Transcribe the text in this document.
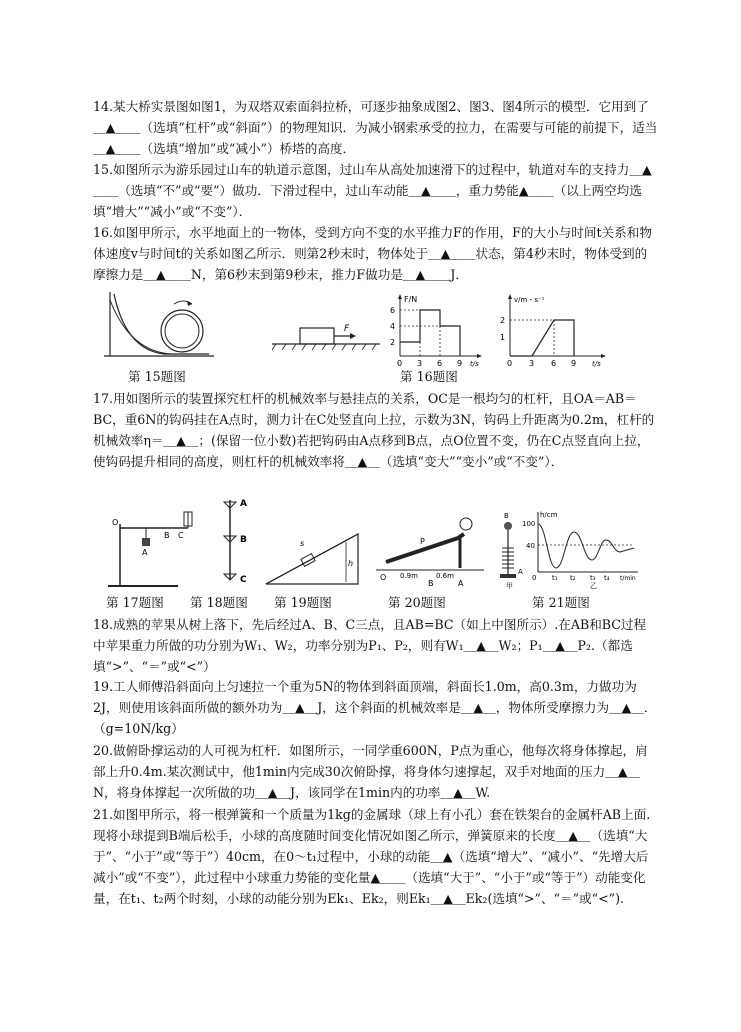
14.某大桥实景图如图1，为双塔双索面斜拉桥，可逐步抽象成图2、图3、图4所示的模型．它用到了＿▲＿＿（选填“杠杆”或“斜面”）的物理知识．为减小钢索承受的拉力，在需要与可能的前提下，适当＿▲＿＿（选填“增加”或“减小”）桥塔的高度．
15.如图所示为游乐园过山车的轨道示意图，过山车从高处加速滑下的过程中，轨道对车的支持力＿▲＿＿（选填“不”或“要”）做功．下滑过程中，过山车动能＿▲＿＿，重力势能▲＿＿（以上两空均选填“增大”“减小”或“不变”）．
16.如图甲所示，水平地面上的一物体，受到方向不变的水平推力F的作用，F的大小与时间t关系和物体速度v与时间t的关系如图乙所示．则第2秒末时，物体处于＿▲＿＿状态，第4秒末时，物体受到的摩擦力是＿▲＿＿N，第6秒末到第9秒末，推力F做功是＿▲＿＿J．
第 15题图
F
F/N
6
4
2
0 3 6 9 t/s
v/m・s⁻¹
2
1
0 3 6 9 t/s
第 16题图
17.用如图所示的装置探究杠杆的机械效率与悬挂点的关系，OC是一根均匀的杠杆，且OA＝AB＝BC，重6N的钩码挂在A点时，测力计在C处竖直向上拉，示数为3N，钩码上升距离为0.2m，杠杆的机械效率η＝＿▲＿；(保留一位小数)若把钩码由A点移到B点，点O位置不变，仍在C点竖直向上拉，使钩码提升相同的高度，则杠杆的机械效率将＿▲＿（选填“变大”“变小”或“不变”）．
O
A
B C
A
B
C
s
h
P
O 0.9m	0.6m
B	A
B
A
甲
h/cm
100
40
0 t₁ t₂ t₃ t₄ t/min
乙
第 17题图 第 18题图 第 19题图	第 20题图	第 21题图
18.成熟的苹果从树上落下，先后经过A、B、C三点，且AB=BC（如上中图所示）.在AB和BC过程中苹果重力所做的功分别为W₁、W₂，功率分别为P₁、P₂，则有W₁＿▲＿W₂；P₁＿▲＿P₂.（都选填“>”、“＝”或“<”）
19.工人师傅沿斜面向上匀速拉一个重为5N的物体到斜面顶端，斜面长1.0m，高0.3m，力做功为2J，则使用该斜面所做的额外功为＿▲＿J，这个斜面的机械效率是＿▲＿，物体所受摩擦力为＿▲＿．（g=10N/kg）
20.做俯卧撑运动的人可视为杠杆．如图所示，一同学重600N，P点为重心，他每次将身体撑起，肩部上升0.4m.某次测试中，他1min内完成30次俯卧撑，将身体匀速撑起，双手对地面的压力＿▲＿N，将身体撑起一次所做的功＿▲＿J，该同学在1min内的功率＿▲＿W.
21.如图甲所示，将一根弹簧和一个质量为1kg的金属球（球上有小孔）套在铁架台的金属杆AB上面.现将小球提到B端后松手，小球的高度随时间变化情况如图乙所示，弹簧原来的长度＿▲＿（选填“大于”、“小于”或“等于”）40cm，在0～t₁过程中，小球的动能＿▲（选填“增大”、“减小”、“先增大后减小”或“不变”），此过程中小球重力势能的变化量▲＿＿（选填“大于”、“小于”或“等于”）动能变化量，在t₁、t₂两个时刻，小球的动能分别为Ek₁、Ek₂，则Ek₁＿▲＿Ek₂(选填“>”、“＝”或“<”).
